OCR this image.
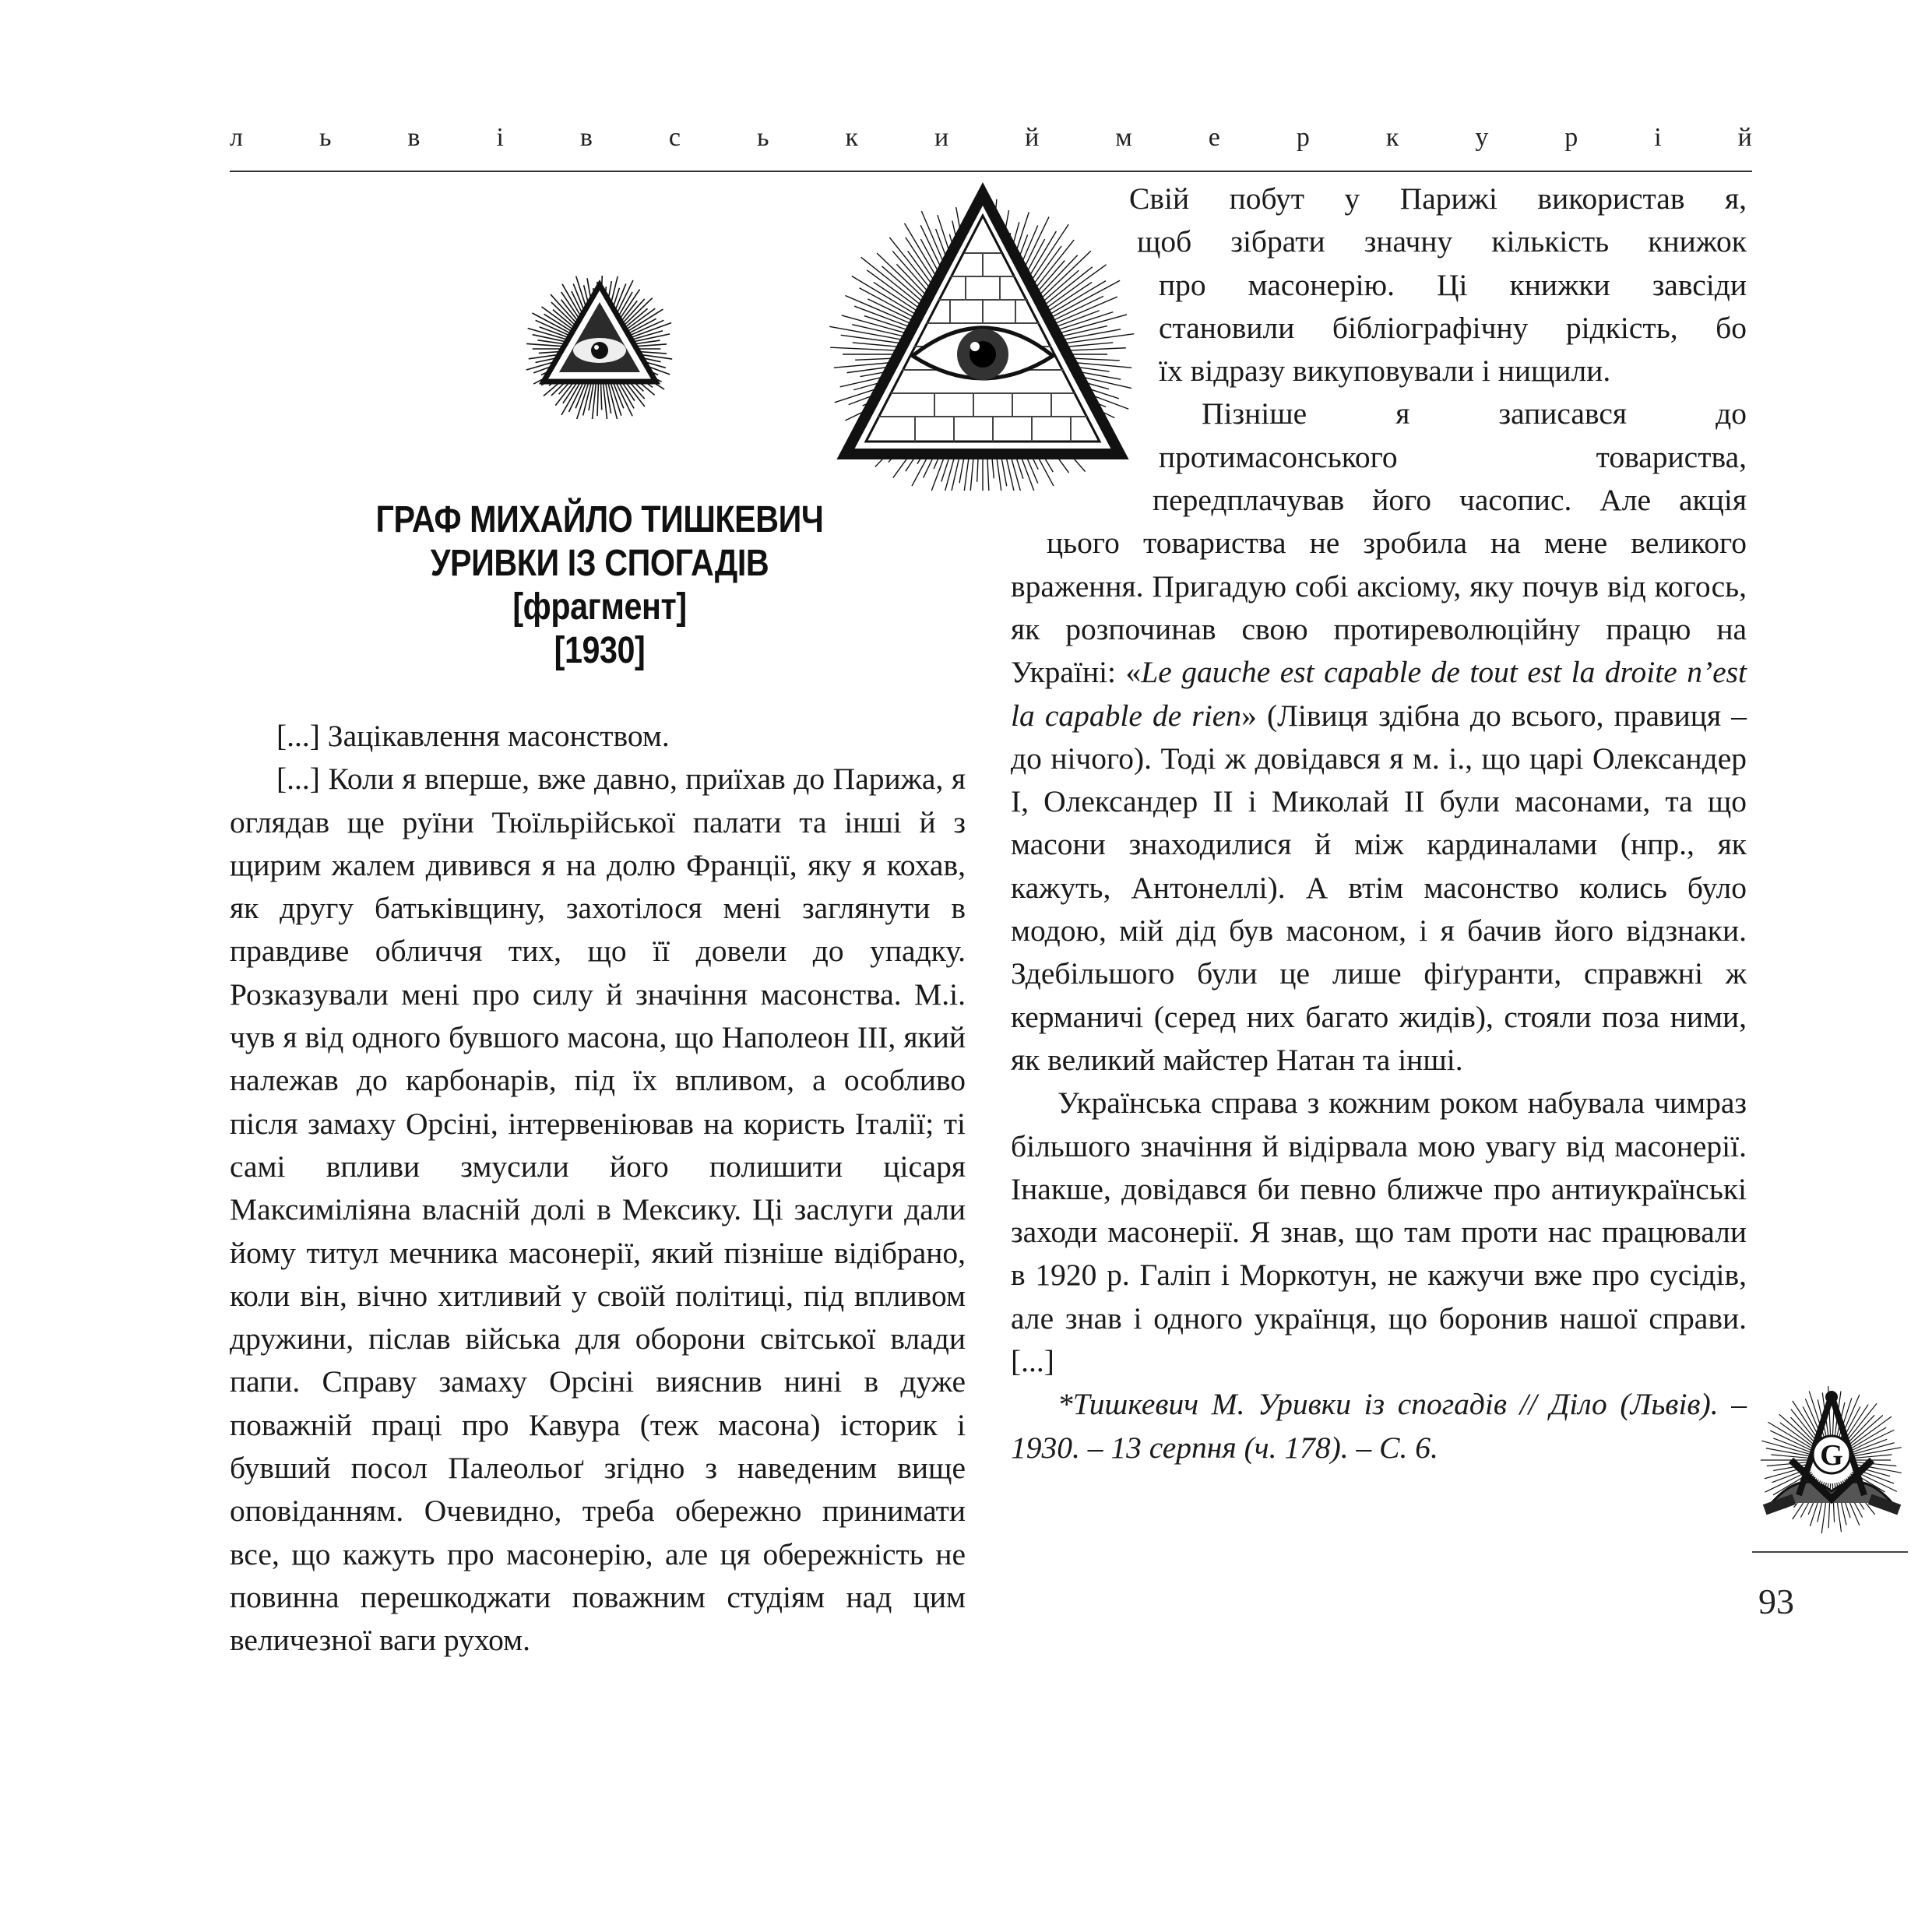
л	ь	в	і	в	с	ь	к	и	й	м	е	р	к	у	р	і	й
ГРАФ МИХАЙЛО ТИШКЕВИЧ
УРИВКИ ІЗ СПОГАДІВ
[фрагмент]
[1930]

[...] Зацікавлення масонством.

[...] Коли я вперше, вже давно, приїхав до Парижа, я оглядав ще руїни Тюїльрійської палати та інші й з щирим жалем дивився я на долю Франції, яку я кохав, як другу батьківщину, захотілося мені заглянути в правдиве обличчя тих, що її довели до упадку. Розказували мені про силу й значіння масонства. М.і. чув я від одного бувшого масона, що Наполеон III, який належав до карбонарів, під їх впливом, а особливо після замаху Орсіні, інтервеніював на користь Італії; ті самі впливи змусили його полишити цісаря Максиміліяна власній долі в Мексику. Ці заслуги дали йому титул мечника масонерії, який пізніше відібрано, коли він, вічно хитливий у своїй політиці, під впливом дружини, післав війська для оборони світської влади папи. Справу замаху Орсіні вияснив нині в дуже поважній праці про Кавура (теж масона) історик і бувший посол Палеольоґ згідно з наведеним вище оповіданням. Очевидно, треба обережно принимати все, що кажуть про масонерію, але ця обережність не повинна перешкоджати поважним студіям над цим величезної ваги рухом.

Свій побут у Парижі використав я,
щоб зібрати значну кількість книжок
про масонерію. Ці книжки завсіди
становили бібліографічну рідкість, бо
їх відразу викуповували і нищили.
Пізніше я записався до
протимасонського товариства,
передплачував його часопис. Але акція
цього товариства не зробила на мене великого

враження. Пригадую собі аксіому, яку почув від когось, як розпочинав свою протиреволюційну працю на Україні: «Le gauche est capable de tout est la droite n’est la capable de rien» (Лівиця здібна до всього, правиця – до нічого). Тоді ж довідався я м. і., що царі Олександер I, Олександер II і Миколай II були масонами, та що масони знаходилися й між кардиналами (нпр., як кажуть, Антонеллі). А втім масонство колись було модою, мій дід був масоном, і я бачив його відзнаки. Здебільшого були це лише фіґуранти, справжні ж керманичі (серед них багато жидів), стояли поза ними, як великий майстер Натан та інші.

Українська справа з кожним роком набувала чимраз більшого значіння й відірвала мою увагу від масонерії. Інакше, довідався би певно ближче про антиукраїнські заходи масонерії. Я знав, що там проти нас працювали в 1920 р. Галіп і Моркотун, не кажучи вже про сусідів, але знав і одного українця, що боронив нашої справи. [...]

*Тишкевич М. Уривки із спогадів // Діло (Львів). – 1930. – 13 серпня (ч. 178). – С. 6.	G
93
